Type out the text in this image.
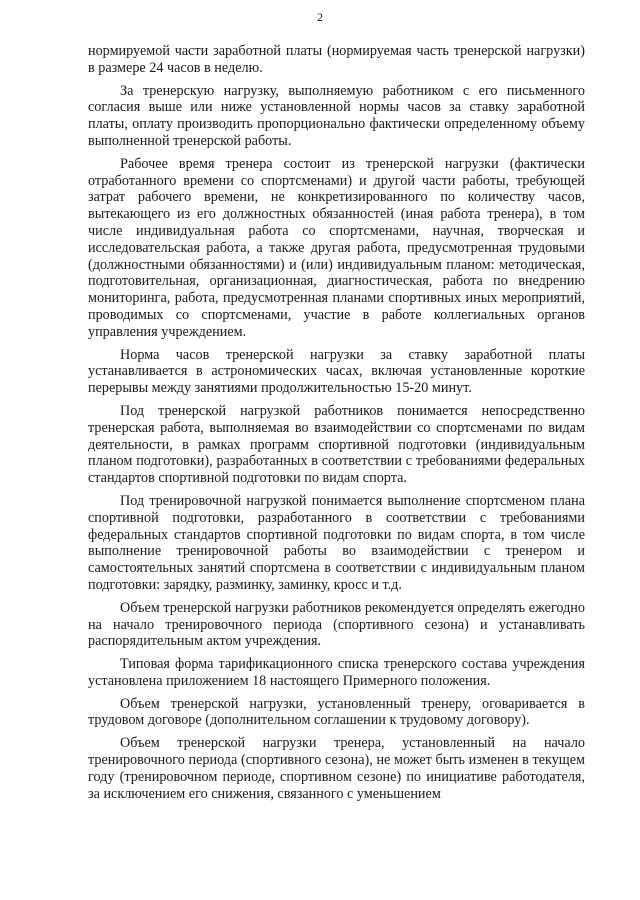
2

нормируемой части заработной платы (нормируемая часть тренерской нагрузки) в размере 24 часов в неделю.

За тренерскую нагрузку, выполняемую работником с его письменного согласия выше или ниже установленной нормы часов за ставку заработной платы, оплату производить пропорционально фактически определенному объему выполненной тренерской работы.

Рабочее время тренера состоит из тренерской нагрузки (фактически отработанного времени со спортсменами) и другой части работы, требующей затрат рабочего времени, не конкретизированного по количеству часов, вытекающего из его должностных обязанностей (иная работа тренера), в том числе индивидуальная работа со спортсменами, научная, творческая и исследовательская работа, а также другая работа, предусмотренная трудовыми (должностными обязанностями) и (или) индивидуальным планом: методическая, подготовительная, организационная, диагностическая, работа по внедрению мониторинга, работа, предусмотренная планами спортивных иных мероприятий, проводимых со спортсменами, участие в работе коллегиальных органов управления учреждением.

Норма часов тренерской нагрузки за ставку заработной платы устанавливается в астрономических часах, включая установленные короткие перерывы между занятиями продолжительностью 15-20 минут.

Под тренерской нагрузкой работников понимается непосредственно тренерская работа, выполняемая во взаимодействии со спортсменами по видам деятельности, в рамках программ спортивной подготовки (индивидуальным планом подготовки), разработанных в соответствии с требованиями федеральных стандартов спортивной подготовки по видам спорта.

Под тренировочной нагрузкой понимается выполнение спортсменом плана спортивной подготовки, разработанного в соответствии с требованиями федеральных стандартов спортивной подготовки по видам спорта, в том числе выполнение тренировочной работы во взаимодействии с тренером и самостоятельных занятий спортсмена в соответствии с индивидуальным планом подготовки: зарядку, разминку, заминку, кросс и т.д.

Объем тренерской нагрузки работников рекомендуется определять ежегодно на начало тренировочного периода (спортивного сезона) и устанавливать распорядительным актом учреждения.

Типовая форма тарификационного списка тренерского состава учреждения установлена приложением 18 настоящего Примерного положения.

Объем тренерской нагрузки, установленный тренеру, оговаривается в трудовом договоре (дополнительном соглашении к трудовому договору).

Объем тренерской нагрузки тренера, установленный на начало тренировочного периода (спортивного сезона), не может быть изменен в текущем году (тренировочном периоде, спортивном сезоне) по инициативе работодателя, за исключением его снижения, связанного с уменьшением
